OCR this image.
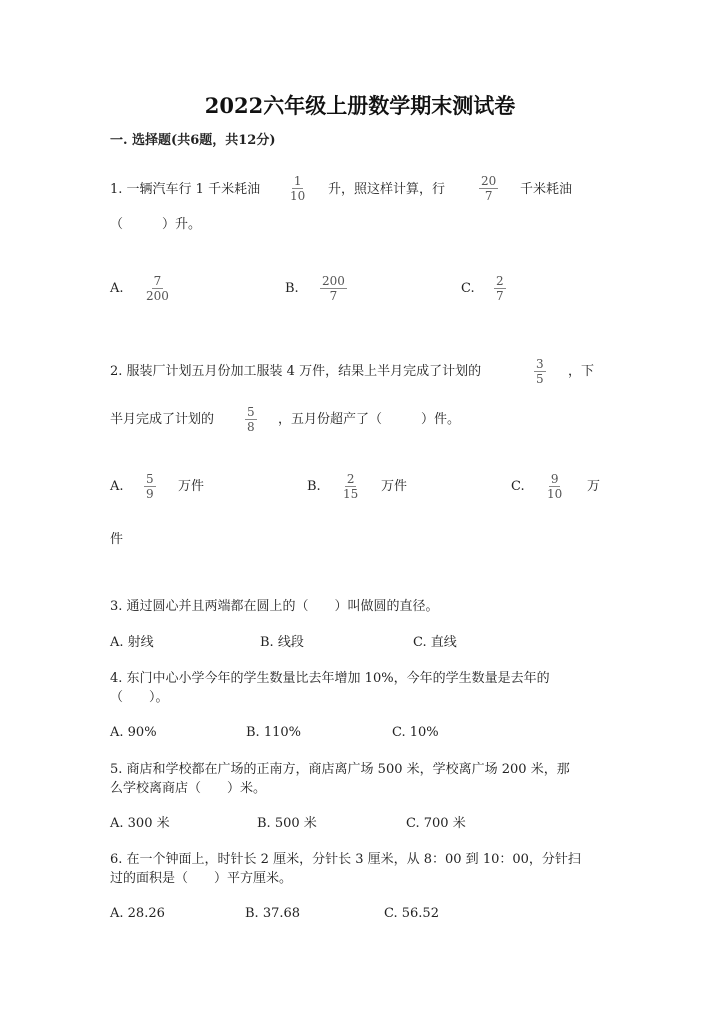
2022六年级上册数学期末测试卷
一. 选择题(共6题，共12分)
1. 一辆汽车行 1 千米耗油 $\frac{1}{10}$ 升，照这样计算，行	$\frac{20}{7}$ 千米耗油
（　　　）升。
A. $\frac{7}{200}$	B. $\frac{200}{7}$	C. $\frac{2}{7}$
2. 服装厂计划五月份加工服装 4 万件，结果上半月完成了计划的	$\frac{3}{5}$ ，下
半月完成了计划的	$\frac{5}{8}$ ，五月份超产了（　　　）件。
A. $\frac{5}{9}$ 万件	B. $\frac{2}{15}$ 万件	C. $\frac{9}{10}$ 万
件
3. 通过圆心并且两端都在圆上的（　　）叫做圆的直径。
A. 射线	B. 线段	C. 直线
4. 东门中心小学今年的学生数量比去年增加 10%，今年的学生数量是去年的
（　　）。
A. 90%	B. 110%	C. 10%
5. 商店和学校都在广场的正南方，商店离广场 500 米，学校离广场 200 米，那
么学校离商店（　　）米。
A. 300 米	B. 500 米	C. 700 米
6. 在一个钟面上，时针长 2 厘米，分针长 3 厘米，从 8：00 到 10：00，分针扫
过的面积是（　　）平方厘米。
A. 28.26	B. 37.68	C. 56.52
